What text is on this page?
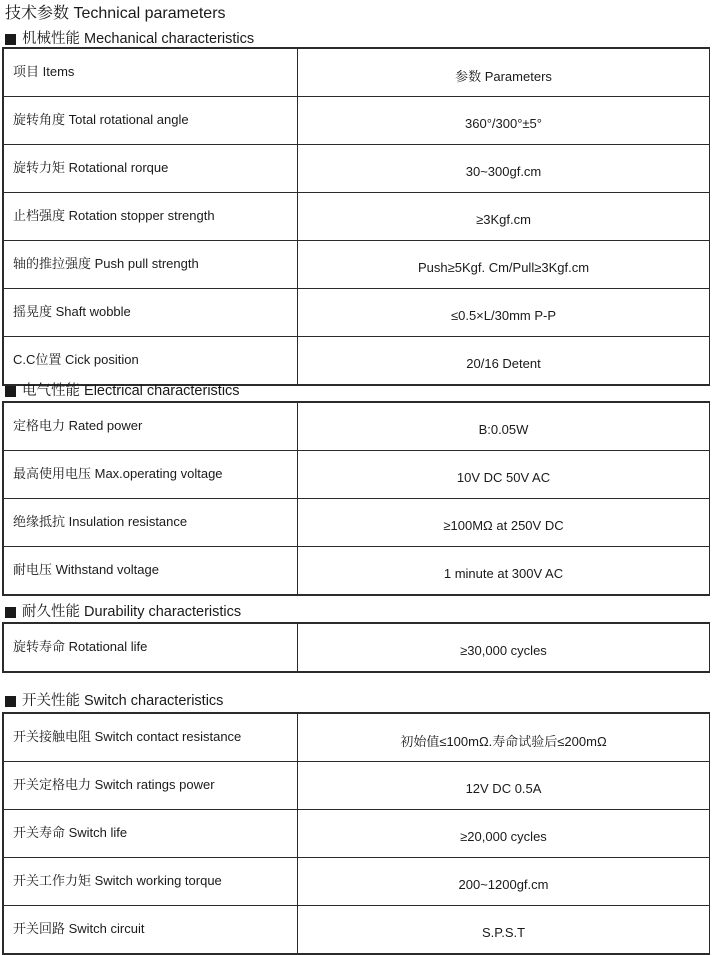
技术参数 Technical parameters
机械性能 Mechanical characteristics
项目 Items	参数 Parameters
旋转角度 Total rotational angle	360°/300°±5°
旋转力矩 Rotational rorque	30~300gf.cm
止档强度 Rotation stopper strength	≥3Kgf.cm
轴的推拉强度 Push pull strength	Push≥5Kgf. Cm/Pull≥3Kgf.cm
摇晃度 Shaft wobble	≤0.5×L/30mm P-P
C.C位置 Cick position	20/16 Detent
电气性能 Electrical characteristics
定格电力 Rated power	B:0.05W
最高使用电压 Max.operating voltage	10V DC 50V AC
绝缘抵抗 Insulation resistance	≥100MΩ at 250V DC
耐电压 Withstand voltage	1 minute at 300V AC
耐久性能 Durability characteristics
旋转寿命 Rotational life	≥30,000 cycles
开关性能 Switch characteristics
开关接触电阻 Switch contact resistance	初始值≤100mΩ.寿命试验后≤200mΩ
开关定格电力 Switch ratings power	12V DC 0.5A
开关寿命 Switch life	≥20,000 cycles
开关工作力矩 Switch working torque	200~1200gf.cm
开关回路 Switch circuit	S.P.S.T
